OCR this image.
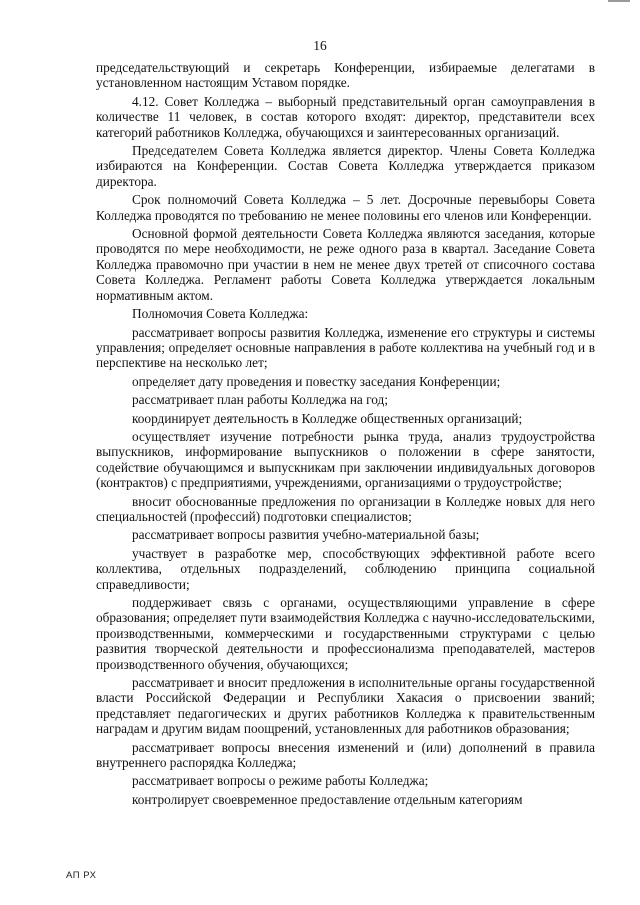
16

председательствующий и секретарь Конференции, избираемые делегатами в установленном настоящим Уставом порядке.

4.12. Совет Колледжа – выборный представительный орган самоуправления в количестве 11 человек, в состав которого входят: директор, представители всех категорий работников Колледжа, обучающихся и заинтересованных организаций.

Председателем Совета Колледжа является директор. Члены Совета Колледжа избираются на Конференции. Состав Совета Колледжа утверждается приказом директора.

Срок полномочий Совета Колледжа – 5 лет. Досрочные перевыборы Совета Колледжа проводятся по требованию не менее половины его членов или Конференции.

Основной формой деятельности Совета Колледжа являются заседания, которые проводятся по мере необходимости, не реже одного раза в квартал. Заседание Совета Колледжа правомочно при участии в нем не менее двух третей от списочного состава Совета Колледжа. Регламент работы Совета Колледжа утверждается локальным нормативным актом.

Полномочия Совета Колледжа:

рассматривает вопросы развития Колледжа, изменение его структуры и системы управления; определяет основные направления в работе коллектива на учебный год и в перспективе на несколько лет;

определяет дату проведения и повестку заседания Конференции;

рассматривает план работы Колледжа на год;

координирует деятельность в Колледже общественных организаций;

осуществляет изучение потребности рынка труда, анализ трудоустройства выпускников, информирование выпускников о положении в сфере занятости, содействие обучающимся и выпускникам при заключении индивидуальных договоров (контрактов) с предприятиями, учреждениями, организациями о трудоустройстве;

вносит обоснованные предложения по организации в Колледже новых для него специальностей (профессий) подготовки специалистов;

рассматривает вопросы развития учебно-материальной базы;

участвует в разработке мер, способствующих эффективной работе всего коллектива, отдельных подразделений, соблюдению принципа социальной справедливости;

поддерживает связь с органами, осуществляющими управление в сфере образования; определяет пути взаимодействия Колледжа с научно-исследовательскими, производственными, коммерческими и государственными структурами с целью развития творческой деятельности и профессионализма преподавателей, мастеров производственного обучения, обучающихся;

рассматривает и вносит предложения в исполнительные органы государственной власти Российской Федерации и Республики Хакасия о присвоении званий; представляет педагогических и других работников Колледжа к правительственным наградам и другим видам поощрений, установленных для работников образования;

рассматривает вопросы внесения изменений и (или) дополнений в правила внутреннего распорядка Колледжа;

рассматривает вопросы о режиме работы Колледжа;

контролирует своевременное предоставление отдельным категориям

АП РХ
